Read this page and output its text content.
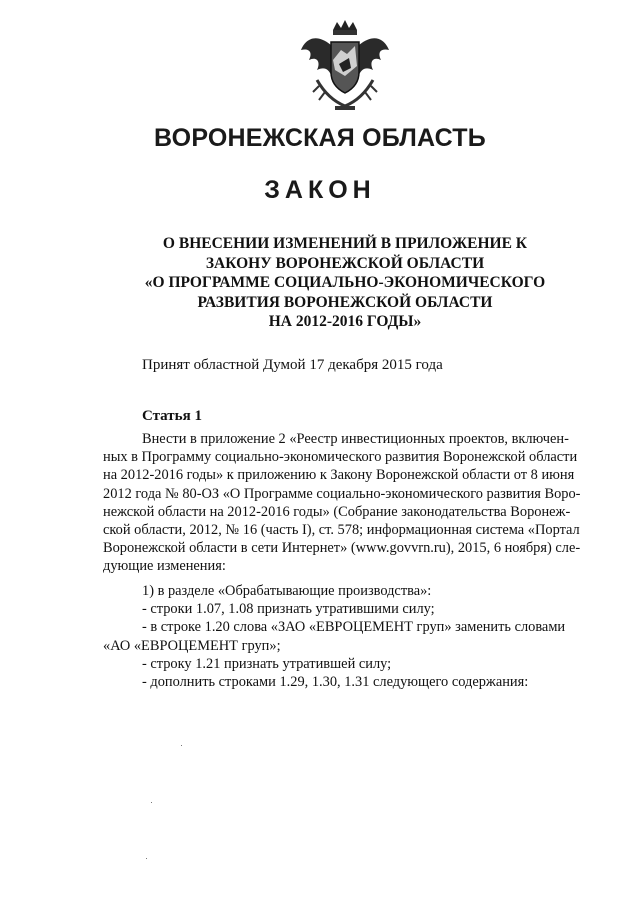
ВОРОНЕЖСКАЯ ОБЛАСТЬ
ЗАКОН
О ВНЕСЕНИИ ИЗМЕНЕНИЙ В ПРИЛОЖЕНИЕ К
ЗАКОНУ ВОРОНЕЖСКОЙ ОБЛАСТИ
«О ПРОГРАММЕ СОЦИАЛЬНО-ЭКОНОМИЧЕСКОГО
РАЗВИТИЯ ВОРОНЕЖСКОЙ ОБЛАСТИ
НА 2012-2016 ГОДЫ»
Принят областной Думой 17 декабря 2015 года
Статья 1
Внести в приложение 2 «Реестр инвестиционных проектов, включен-
ных в Программу социально-экономического развития Воронежской области
на 2012-2016 годы» к приложению к Закону Воронежской области от 8 июня
2012 года № 80-ОЗ «О Программе социально-экономического развития Воро-
нежской области на 2012-2016 годы» (Собрание законодательства Воронеж-
ской области, 2012, № 16 (часть I), ст. 578; информационная система «Портал
Воронежской области в сети Интернет» (www.govvrn.ru), 2015, 6 ноября) сле-
дующие изменения:
1) в разделе «Обрабатывающие производства»:
- строки 1.07, 1.08 признать утратившими силу;
- в строке 1.20 слова «ЗАО «ЕВРОЦЕМЕНТ груп» заменить словами
«АО «ЕВРОЦЕМЕНТ груп»;
- строку 1.21 признать утратившей силу;
- дополнить строками 1.29, 1.30, 1.31 следующего содержания:
